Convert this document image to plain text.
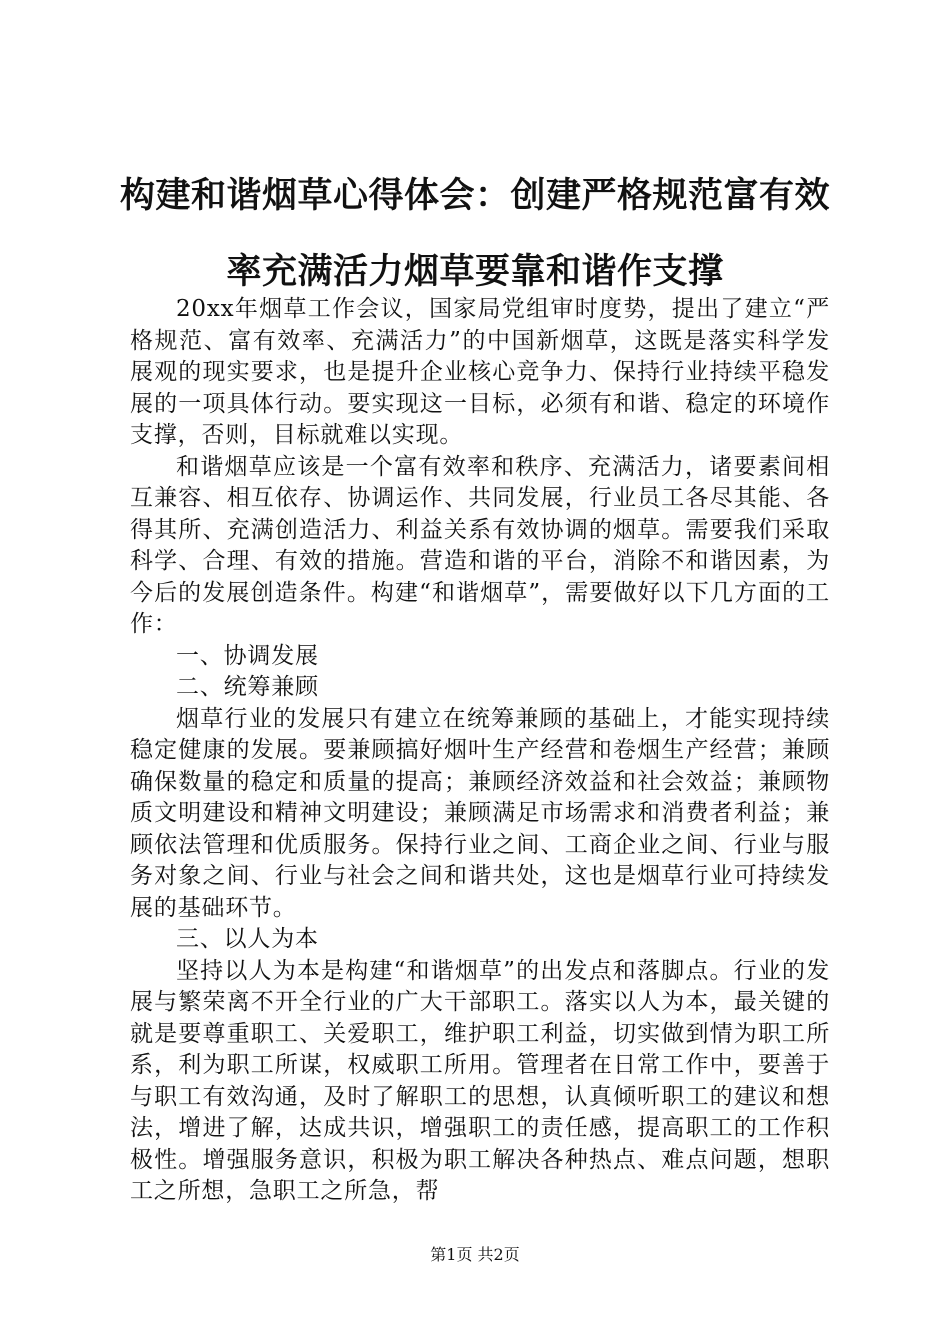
构建和谐烟草心得体会：创建严格规范富有效
率充满活力烟草要靠和谐作支撑

20xx年烟草工作会议，国家局党组审时度势，提出了建立“严格规范、富有效率、充满活力”的中国新烟草，这既是落实科学发展观的现实要求，也是提升企业核心竞争力、保持行业持续平稳发展的一项具体行动。要实现这一目标，必须有和谐、稳定的环境作支撑，否则，目标就难以实现。

和谐烟草应该是一个富有效率和秩序、充满活力，诸要素间相互兼容、相互依存、协调运作、共同发展，行业员工各尽其能、各得其所、充满创造活力、利益关系有效协调的烟草。需要我们采取科学、合理、有效的措施。营造和谐的平台，消除不和谐因素，为今后的发展创造条件。构建“和谐烟草”，需要做好以下几方面的工作：

一、协调发展

二、统筹兼顾

烟草行业的发展只有建立在统筹兼顾的基础上，才能实现持续稳定健康的发展。要兼顾搞好烟叶生产经营和卷烟生产经营；兼顾确保数量的稳定和质量的提高；兼顾经济效益和社会效益；兼顾物质文明建设和精神文明建设；兼顾满足市场需求和消费者利益；兼顾依法管理和优质服务。保持行业之间、工商企业之间、行业与服务对象之间、行业与社会之间和谐共处，这也是烟草行业可持续发展的基础环节。

三、以人为本

坚持以人为本是构建“和谐烟草”的出发点和落脚点。行业的发展与繁荣离不开全行业的广大干部职工。落实以人为本，最关键的就是要尊重职工、关爱职工，维护职工利益，切实做到情为职工所系，利为职工所谋，权威职工所用。管理者在日常工作中，要善于与职工有效沟通，及时了解职工的思想，认真倾听职工的建议和想法，增进了解，达成共识，增强职工的责任感，提高职工的工作积极性。增强服务意识，积极为职工解决各种热点、难点问题，想职工之所想，急职工之所急，帮

第1页 共2页
